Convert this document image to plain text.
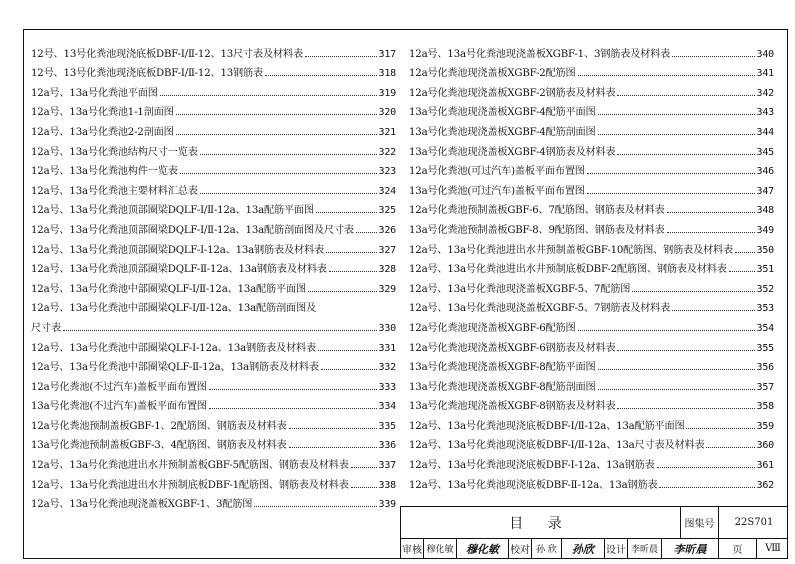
12号、13号化粪池现浇底板DBF-Ⅰ/Ⅱ-12、13尺寸表及材料表	317
12号、13号化粪池现浇底板DBF-Ⅰ/Ⅱ-12、13钢筋表	318
12a号、13a号化粪池平面图	319
12a号、13a号化粪池1-1剖面图	320
12a号、13a号化粪池2-2剖面图	321
12a号、13a号化粪池结构尺寸一览表	322
12a号、13a号化粪池构件一览表	323
12a号、13a号化粪池主要材料汇总表	324
12a号、13a号化粪池顶部圈梁DQLF-Ⅰ/Ⅱ-12a、13a配筋平面图	325
12a号、13a号化粪池顶部圈梁DQLF-Ⅰ/Ⅱ-12a、13a配筋剖面图及尺寸表 326
12a号、13a号化粪池顶部圈梁DQLF-Ⅰ-12a、13a钢筋表及材料表	327
12a号、13a号化粪池顶部圈梁DQLF-Ⅱ-12a、13a钢筋表及材料表	328
12a号、13a号化粪池中部圈梁QLF-Ⅰ/Ⅱ-12a、13a配筋平面图	329
12a号、13a号化粪池中部圈梁QLF-Ⅰ/Ⅱ-12a、13a配筋剖面图及
尺寸表	330
12a号、13a号化粪池中部圈梁QLF-Ⅰ-12a、13a钢筋表及材料表	331
12a号、13a号化粪池中部圈梁QLF-Ⅱ-12a、13a钢筋表及材料表	332
12a号化粪池(不过汽车)盖板平面布置图	333
13a号化粪池(不过汽车)盖板平面布置图	334
12a号化粪池预制盖板GBF-1、2配筋图、钢筋表及材料表	335
13a号化粪池预制盖板GBF-3、4配筋图、钢筋表及材料表	336
12a号、13a号化粪池进出水井预制盖板GBF-5配筋图、钢筋表及材料表	337
12a号、13a号化粪池进出水井预制底板DBF-1配筋图、钢筋表及材料表	338
12a号、13a号化粪池现浇盖板XGBF-1、3配筋图	339
12a号、13a号化粪池现浇盖板XGBF-1、3钢筋表及材料表	340
12a号化粪池现浇盖板XGBF-2配筋图	341
12a号化粪池现浇盖板XGBF-2钢筋表及材料表	342
13a号化粪池现浇盖板XGBF-4配筋平面图	343
13a号化粪池现浇盖板XGBF-4配筋剖面图	344
13a号化粪池现浇盖板XGBF-4钢筋表及材料表	345
12a号化粪池(可过汽车)盖板平面布置图	346
13a号化粪池(可过汽车)盖板平面布置图	347
12a号化粪池预制盖板GBF-6、7配筋图、钢筋表及材料表	348
13a号化粪池预制盖板GBF-8、9配筋图、钢筋表及材料表	349
12a号、13a号化粪池进出水井预制盖板GBF-10配筋图、钢筋表及材料表 350
12a号、13a号化粪池进出水井预制底板DBF-2配筋图、钢筋表及材料表	351
12a号、13a号化粪池现浇盖板XGBF-5、7配筋图	352
12a号、13a号化粪池现浇盖板XGBF-5、7钢筋表及材料表	353
12a号化粪池现浇盖板XGBF-6配筋图	354
12a号化粪池现浇盖板XGBF-6钢筋表及材料表	355
13a号化粪池现浇盖板XGBF-8配筋平面图	356
13a号化粪池现浇盖板XGBF-8配筋剖面图	357
13a号化粪池现浇盖板XGBF-8钢筋表及材料表	358
12a号、13a号化粪池现浇底板DBF-Ⅰ/Ⅱ-12a、13a配筋平面图	359
12a号、13a号化粪池现浇底板DBF-Ⅰ/Ⅱ-12a、13a尺寸表及材料表	360
12a号、13a号化粪池现浇底板DBF-Ⅰ-12a、13a钢筋表	361
12a号、13a号化粪池现浇底板DBF-Ⅱ-12a、13a钢筋表	362
目 录	图集号	22S701
审核 穆化敏	穆化敏	校对 孙 欣	孙欣	设计 李昕晨	李昕晨	页	Ⅷ
